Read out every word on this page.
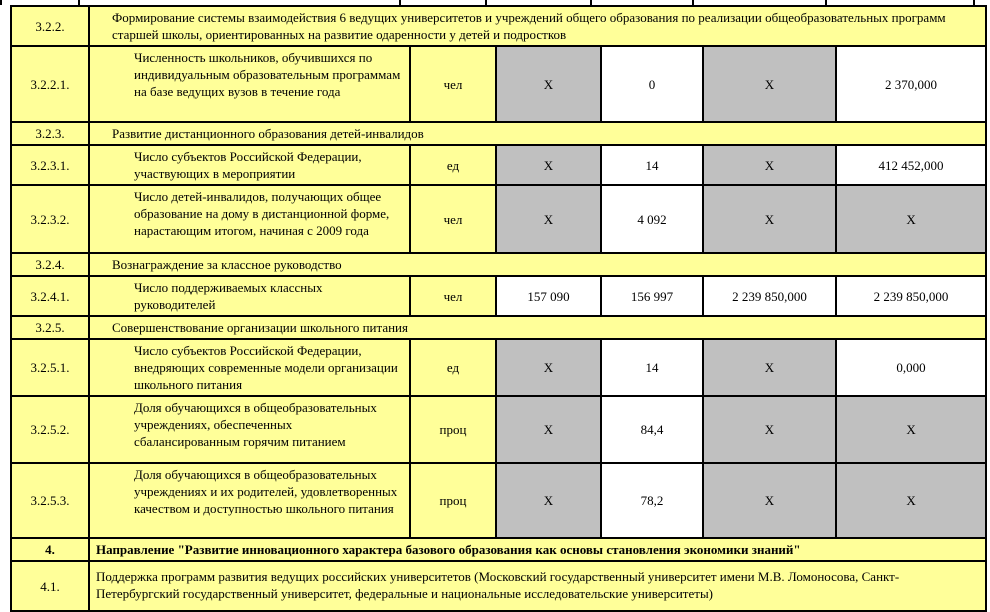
3.2.2.	Формирование системы взаимодействия 6 ведущих университетов и учреждений общего образования по реализации общеобразовательных программ старшей школы, ориентированных на развитие одаренности у детей и подростков					
3.2.2.1.	Численность школьников, обучившихся по индивидуальным образовательным программам на базе ведущих вузов в течение года	чел	X	0	X	2 370,000
3.2.3.	Развитие дистанционного образования детей-инвалидов					
3.2.3.1.	Число субъектов Российской Федерации, участвующих в мероприятии	ед	X	14	X	412 452,000
3.2.3.2.	Число детей-инвалидов, получающих общее образование на дому в дистанционной форме, нарастающим итогом, начиная с 2009 года	чел	X	4 092	X	X
3.2.4.	Вознаграждение за классное руководство					
3.2.4.1.	Число поддерживаемых классных руководителей	чел	157 090	156 997	2 239 850,000	2 239 850,000
3.2.5.	Совершенствование организации школьного питания					
3.2.5.1.	Число субъектов Российской Федерации, внедряющих современные модели организации школьного питания	ед	X	14	X	0,000
3.2.5.2.	Доля обучающихся в общеобразовательных учреждениях, обеспеченных сбалансированным горячим питанием	проц	X	84,4	X	X
3.2.5.3.	Доля обучающихся в общеобразовательных учреждениях и их родителей, удовлетворенных качеством и доступностью школьного питания	проц	X	78,2	X	X
4.	Направление "Развитие инновационного характера базового образования как основы становления экономики знаний"					
4.1.	Поддержка программ развития ведущих российских университетов (Московский государственный университет имени М.В. Ломоносова, Санкт-Петербургский государственный университет, федеральные и национальные исследовательские университеты)					
